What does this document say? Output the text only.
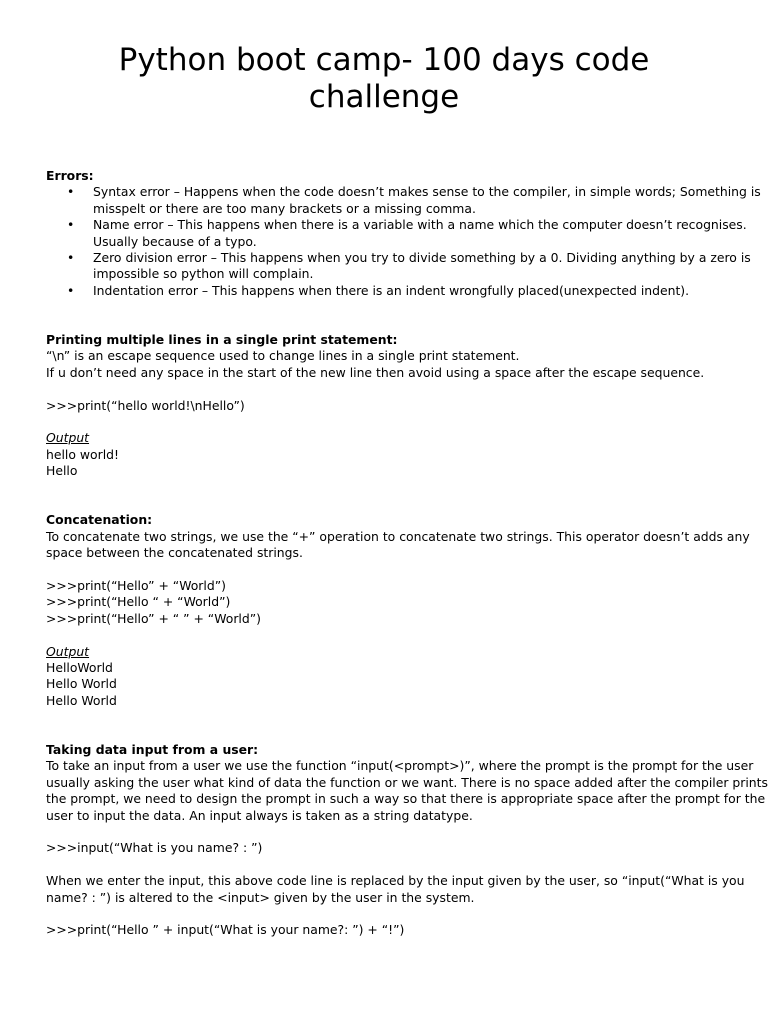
Python boot camp- 100 days code
challenge
Errors:
• Syntax error – Happens when the code doesn’t makes sense to the compiler, in simple words; Something is
misspelt or there are too many brackets or a missing comma.
• Name error – This happens when there is a variable with a name which the computer doesn’t recognises.
Usually because of a typo.
• Zero division error – This happens when you try to divide something by a 0. Dividing anything by a zero is
impossible so python will complain.
• Indentation error – This happens when there is an indent wrongfully placed(unexpected indent).
Printing multiple lines in a single print statement:
“\n” is an escape sequence used to change lines in a single print statement.
If u don’t need any space in the start of the new line then avoid using a space after the escape sequence.
>>>print(“hello world!\nHello”)
Output
hello world!
Hello
Concatenation:
To concatenate two strings, we use the “+” operation to concatenate two strings. This operator doesn’t adds any
space between the concatenated strings.
>>>print(“Hello” + “World”)
>>>print(“Hello “ + “World”)
>>>print(“Hello” + “ ” + “World”)
Output
HelloWorld
Hello World
Hello World
Taking data input from a user:
To take an input from a user we use the function “input(<prompt>)”, where the prompt is the prompt for the user
usually asking the user what kind of data the function or we want. There is no space added after the compiler prints
the prompt, we need to design the prompt in such a way so that there is appropriate space after the prompt for the
user to input the data. An input always is taken as a string datatype.
>>>input(“What is you name? : ”)
When we enter the input, this above code line is replaced by the input given by the user, so “input(“What is you
name? : ”) is altered to the <input> given by the user in the system.
>>>print(“Hello ” + input(“What is your name?: ”) + “!”)
